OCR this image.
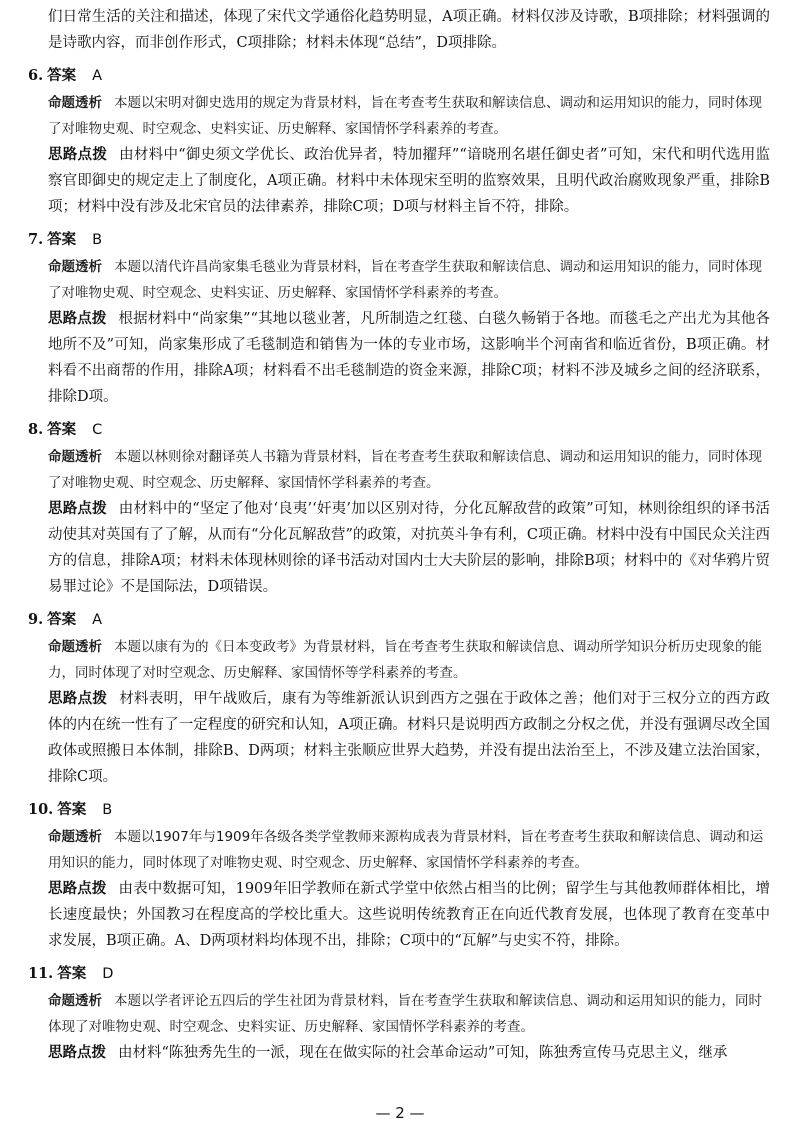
们日常生活的关注和描述，体现了宋代文学通俗化趋势明显，A项正确。材料仅涉及诗歌，B项排除；材料强调的是诗歌内容，而非创作形式，C项排除；材料未体现“总结”，D项排除。

6. 答案 A

命题透析 本题以宋明对御史选用的规定为背景材料，旨在考查考生获取和解读信息、调动和运用知识的能力，同时体现了对唯物史观、时空观念、史料实证、历史解释、家国情怀学科素养的考查。

思路点拨 由材料中“御史须文学优长、政治优异者，特加擢拜”“谙晓刑名堪任御史者”可知，宋代和明代选用监察官即御史的规定走上了制度化，A项正确。材料中未体现宋至明的监察效果，且明代政治腐败现象严重，排除B项；材料中没有涉及北宋官员的法律素养，排除C项；D项与材料主旨不符，排除。

7. 答案 B

命题透析 本题以清代许昌尚家集毛毯业为背景材料，旨在考查学生获取和解读信息、调动和运用知识的能力，同时体现了对唯物史观、时空观念、史料实证、历史解释、家国情怀学科素养的考查。

思路点拨 根据材料中“尚家集”“其地以毯业著，凡所制造之红毯、白毯久畅销于各地。而毯毛之产出尤为其他各地所不及”可知，尚家集形成了毛毯制造和销售为一体的专业市场，这影响半个河南省和临近省份，B项正确。材料看不出商帮的作用，排除A项；材料看不出毛毯制造的资金来源，排除C项；材料不涉及城乡之间的经济联系，排除D项。

8. 答案 C

命题透析 本题以林则徐对翻译英人书籍为背景材料，旨在考查考生获取和解读信息、调动和运用知识的能力，同时体现了对唯物史观、时空观念、历史解释、家国情怀学科素养的考查。

思路点拨 由材料中的“坚定了他对‘良夷’‘奸夷’加以区别对待，分化瓦解敌营的政策”可知，林则徐组织的译书活动使其对英国有了了解，从而有“分化瓦解敌营”的政策，对抗英斗争有利，C项正确。材料中没有中国民众关注西方的信息，排除A项；材料未体现林则徐的译书活动对国内士大夫阶层的影响，排除B项；材料中的《对华鸦片贸易罪过论》不是国际法，D项错误。

9. 答案 A

命题透析 本题以康有为的《日本变政考》为背景材料，旨在考查考生获取和解读信息、调动所学知识分析历史现象的能力，同时体现了对时空观念、历史解释、家国情怀等学科素养的考查。

思路点拨 材料表明，甲午战败后，康有为等维新派认识到西方之强在于政体之善；他们对于三权分立的西方政体的内在统一性有了一定程度的研究和认知，A项正确。材料只是说明西方政制之分权之优，并没有强调尽改全国政体或照搬日本体制，排除B、D两项；材料主张顺应世界大趋势，并没有提出法治至上，不涉及建立法治国家，排除C项。

10. 答案 B

命题透析 本题以1907年与1909年各级各类学堂教师来源构成表为背景材料，旨在考查考生获取和解读信息、调动和运用知识的能力，同时体现了对唯物史观、时空观念、历史解释、家国情怀学科素养的考查。

思路点拨 由表中数据可知，1909年旧学教师在新式学堂中依然占相当的比例；留学生与其他教师群体相比，增长速度最快；外国教习在程度高的学校比重大。这些说明传统教育正在向近代教育发展，也体现了教育在变革中求发展，B项正确。A、D两项材料均体现不出，排除；C项中的“瓦解”与史实不符，排除。

11. 答案 D

命题透析 本题以学者评论五四后的学生社团为背景材料，旨在考查学生获取和解读信息、调动和运用知识的能力，同时体现了对唯物史观、时空观念、史料实证、历史解释、家国情怀学科素养的考查。

思路点拨 由材料“陈独秀先生的一派，现在在做实际的社会革命运动”可知，陈独秀宣传马克思主义，继承

— 2 —
